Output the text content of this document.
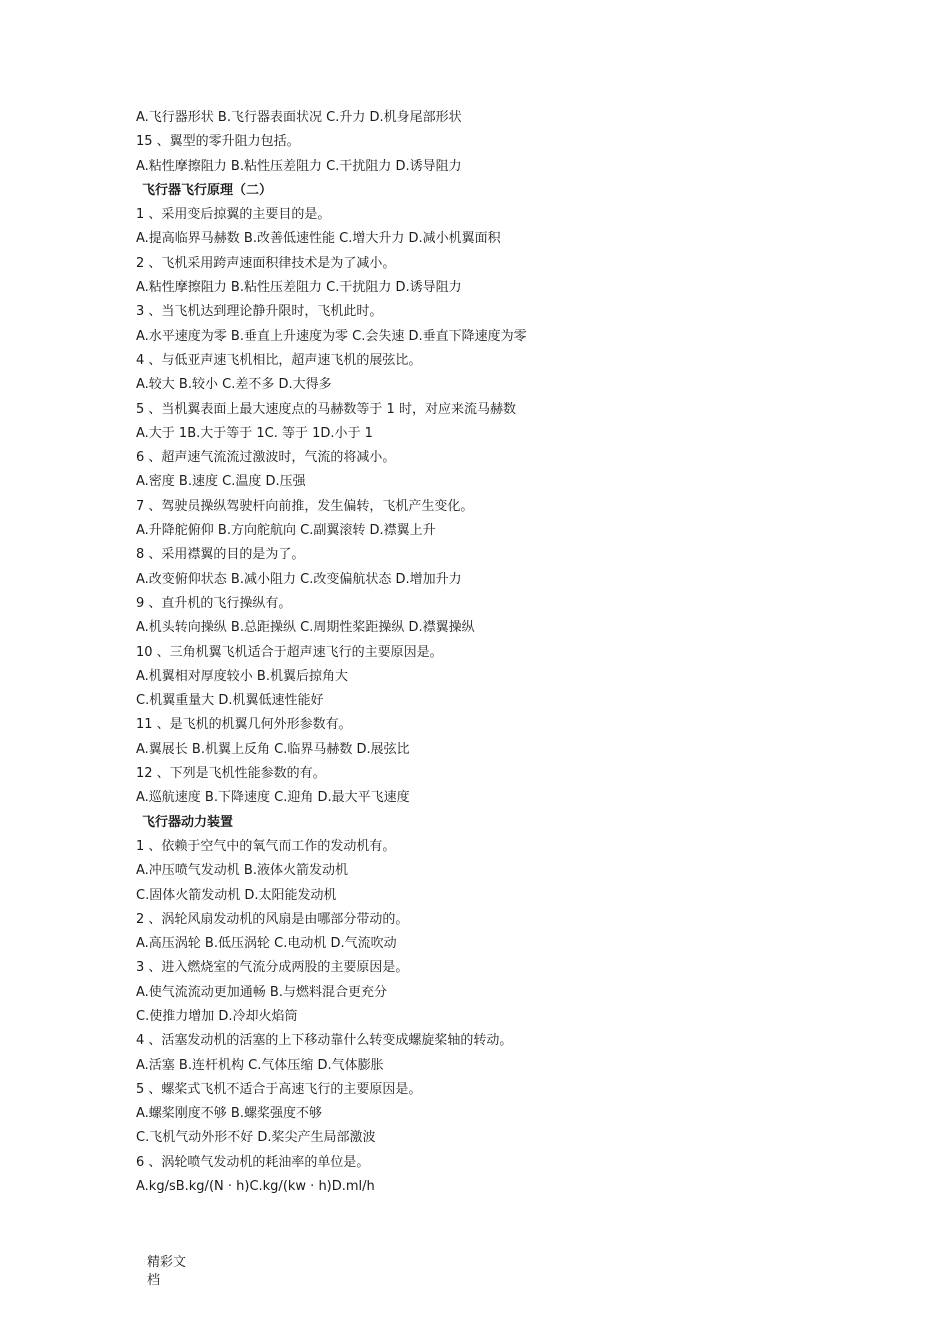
A.飞行器形状 B.飞行器表面状况 C.升力 D.机身尾部形状
15 、翼型的零升阻力包括。
A.粘性摩擦阻力 B.粘性压差阻力 C.干扰阻力 D.诱导阻力
飞行器飞行原理（二）
1 、采用变后掠翼的主要目的是。
A.提高临界马赫数 B.改善低速性能 C.增大升力 D.减小机翼面积
2 、飞机采用跨声速面积律技术是为了减小。
A.粘性摩擦阻力 B.粘性压差阻力 C.干扰阻力 D.诱导阻力
3 、当飞机达到理论静升限时，飞机此时。
A.水平速度为零 B.垂直上升速度为零 C.会失速 D.垂直下降速度为零
4 、与低亚声速飞机相比，超声速飞机的展弦比。
A.较大 B.较小 C.差不多 D.大得多
5 、当机翼表面上最大速度点的马赫数等于 1 时，对应来流马赫数
A.大于 1B.大于等于 1C. 等于 1D.小于 1
6 、超声速气流流过激波时，气流的将减小。
A.密度 B.速度 C.温度 D.压强
7 、驾驶员操纵驾驶杆向前推，发生偏转，飞机产生变化。
A.升降舵俯仰 B.方向舵航向 C.副翼滚转 D.襟翼上升
8 、采用襟翼的目的是为了。
A.改变俯仰状态 B.减小阻力 C.改变偏航状态 D.增加升力
9 、直升机的飞行操纵有。
A.机头转向操纵 B.总距操纵 C.周期性桨距操纵 D.襟翼操纵
10 、三角机翼飞机适合于超声速飞行的主要原因是。
A.机翼相对厚度较小 B.机翼后掠角大
C.机翼重量大 D.机翼低速性能好
11 、是飞机的机翼几何外形参数有。
A.翼展长 B.机翼上反角 C.临界马赫数 D.展弦比
12 、下列是飞机性能参数的有。
A.巡航速度 B.下降速度 C.迎角 D.最大平飞速度
飞行器动力装置
1 、依赖于空气中的氧气而工作的发动机有。
A.冲压喷气发动机 B.液体火箭发动机
C.固体火箭发动机 D.太阳能发动机
2 、涡轮风扇发动机的风扇是由哪部分带动的。
A.高压涡轮 B.低压涡轮 C.电动机 D.气流吹动
3 、进入燃烧室的气流分成两股的主要原因是。
A.使气流流动更加通畅 B.与燃料混合更充分
C.使推力增加 D.冷却火焰筒
4 、活塞发动机的活塞的上下移动靠什么转变成螺旋桨轴的转动。
A.活塞 B.连杆机构 C.气体压缩 D.气体膨胀
5 、螺桨式飞机不适合于高速飞行的主要原因是。
A.螺桨刚度不够 B.螺桨强度不够
C.飞机气动外形不好 D.桨尖产生局部激波
6 、涡轮喷气发动机的耗油率的单位是。
A.kg/sB.kg/(N · h)C.kg/(kw · h)D.ml/h
精彩文
档
